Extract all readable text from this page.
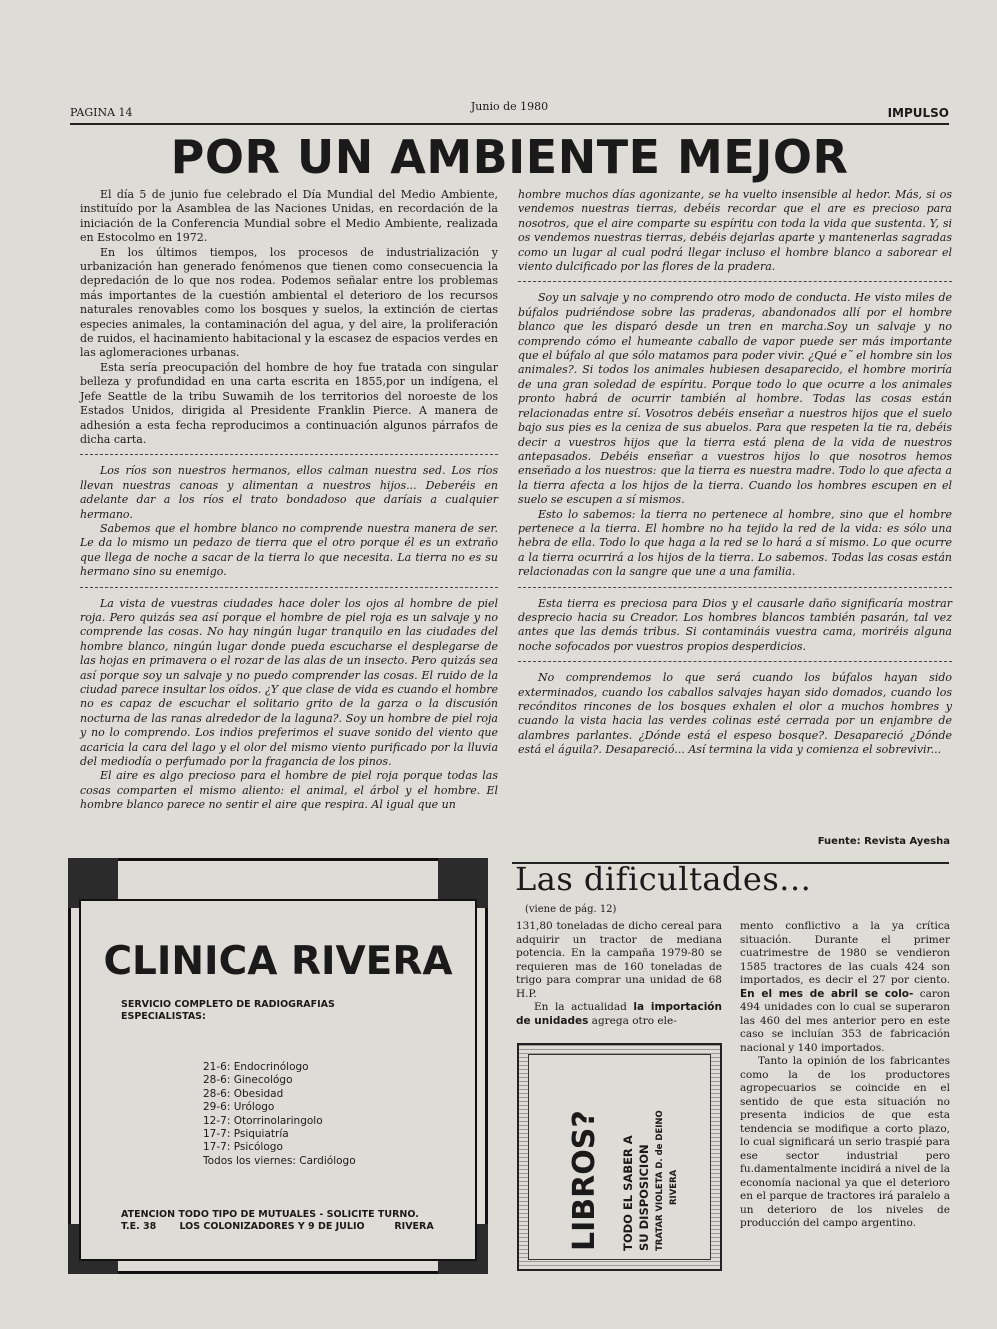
PAGINA 14	Junio de 1980	IMPULSO
POR UN AMBIENTE MEJOR

El día 5 de junio fue celebrado el Día Mundial del Medio Ambiente, instituído por la Asamblea de las Naciones Unidas, en recordación de la iniciación de la Conferencia Mundial sobre el Medio Ambiente, realizada en Estocolmo en 1972.

En los últimos tiempos, los procesos de industrialización y urbanización han generado fenómenos que tienen como consecuencia la depredación de lo que nos rodea. Podemos señalar entre los problemas más importantes de la cuestión ambiental el deterioro de los recursos naturales renovables como los bosques y suelos, la extinción de ciertas especies animales, la contaminación del agua, y del aire, la proliferación de ruidos, el hacinamiento habitacional y la escasez de espacios verdes en las aglomeraciones urbanas.

Esta sería preocupación del hombre de hoy fue tratada con singular belleza y profundidad en una carta escrita en 1855,por un indígena, el Jefe Seattle de la tribu Suwamih de los territorios del noroeste de los Estados Unidos, dirigida al Presidente Franklin Pierce. A manera de adhesión a esta fecha reproducimos a continuación algunos párrafos de dicha carta.

Los ríos son nuestros hermanos, ellos calman nuestra sed. Los ríos llevan nuestras canoas y alimentan a nuestros hijos... Deberéis en adelante dar a los ríos el trato bondadoso que daríais a cualquier hermano.

Sabemos que el hombre blanco no comprende nuestra manera de ser. Le da lo mismo un pedazo de tierra que el otro porque él es un extraño que llega de noche a sacar de la tierra lo que necesita. La tierra no es su hermano sino su enemigo.

La vista de vuestras ciudades hace doler los ojos al hombre de piel roja. Pero quizás sea así porque el hombre de piel roja es un salvaje y no comprende las cosas. No hay ningún lugar tranquilo en las ciudades del hombre blanco, ningún lugar donde pueda escucharse el desplegarse de las hojas en primavera o el rozar de las alas de un insecto. Pero quizás sea así porque soy un salvaje y no puedo comprender las cosas. El ruido de la ciudad parece insultar los oídos. ¿Y que clase de vida es cuando el hombre no es capaz de escuchar el solitario grito de la garza o la discusión nocturna de las ranas alrededor de la laguna?. Soy un hombre de piel roja y no lo comprendo. Los indios preferimos el suave sonido del viento que acaricia la cara del lago y el olor del mismo viento purificado por la lluvia del mediodía o perfumado por la fragancia de los pinos.

El aire es algo precioso para el hombre de piel roja porque todas las cosas comparten el mismo aliento: el animal, el árbol y el hombre. El hombre blanco parece no sentir el aire que respira. Al igual que un

hombre muchos días agonizante, se ha vuelto insensible al hedor. Más, si os vendemos nuestras tierras, debéis recordar que el are es precioso para nosotros, que el aire comparte su espíritu con toda la vida que sustenta. Y, si os vendemos nuestras tierras, debéis dejarlas aparte y mantenerlas sagradas como un lugar al cual podrá llegar incluso el hombre blanco a saborear el viento dulcificado por las flores de la pradera.

Soy un salvaje y no comprendo otro modo de conducta. He visto miles de búfalos pudriéndose sobre las praderas, abandonados allí por el hombre blanco que les disparó desde un tren en marcha.Soy un salvaje y no comprendo cómo el humeante caballo de vapor puede ser más importante que el búfalo al que sólo matamos para poder vivir. ¿Qué e˜ el hombre sin los animales?. Si todos los animales hubiesen desaparecido, el hombre moriría de una gran soledad de espíritu. Porque todo lo que ocurre a los animales pronto habrá de ocurrir también al hombre. Todas las cosas están relacionadas entre sí. Vosotros debéis enseñar a nuestros hijos que el suelo bajo sus pies es la ceniza de sus abuelos. Para que respeten la tie ra, debéis decir a vuestros hijos que la tierra está plena de la vida de nuestros antepasados. Debéis enseñar a vuestros hijos lo que nosotros hemos enseñado a los nuestros: que la tierra es nuestra madre. Todo lo que afecta a la tierra afecta a los hijos de la tierra. Cuando los hombres escupen en el suelo se escupen a sí mismos.

Esto lo sabemos: la tierra no pertenece al hombre, sino que el hombre pertenece a la tierra. El hombre no ha tejido la red de la vida: es sólo una hebra de ella. Todo lo que haga a la red se lo hará a sí mismo. Lo que ocurre a la tierra ocurrirá a los hijos de la tierra. Lo sabemos. Todas las cosas están relacionadas con la sangre que une a una familia.

Esta tierra es preciosa para Dios y el causarle daño significaría mostrar desprecio hacia su Creador. Los hombres blancos también pasarán, tal vez antes que las demás tribus. Si contamináis vuestra cama, moriréis alguna noche sofocados por vuestros propios desperdicios.

No comprendemos lo que será cuando los búfalos hayan sido exterminados, cuando los caballos salvajes hayan sido domados, cuando los recónditos rincones de los bosques exhalen el olor a muchos hombres y cuando la vista hacia las verdes colinas esté cerrada por un enjambre de alambres parlantes. ¿Dónde está el espeso bosque?. Desapareció ¿Dónde está el águila?. Desapareció... Así termina la vida y comienza el sobrevivir...

Fuente: Revista Ayesha
CLINICA RIVERA
SERVICIO COMPLETO DE RADIOGRAFIAS
ESPECIALISTAS:
21-6: Endocrinólogo
28-6: Ginecológo
28-6: Obesidad
29-6: Urólogo
12-7: Otorrinolaringolo
17-7: Psiquiatría
17-7: Psicólogo
Todos los viernes: Cardiólogo
ATENCION TODO TIPO DE MUTUALES - SOLICITE TURNO.
T.E. 38 LOS COLONIZADORES Y 9 DE JULIO	RIVERA
Las dificultades...
(viene de pág. 12)

131,80 toneladas de dicho cereal para adquirir un tractor de mediana potencia. En la campaña 1979-80 se requieren mas de 160 toneladas de trigo para comprar una unidad de 68 H.P.

En la actualidad la importación de unidades agrega otro ele-

mento conflictivo a la ya crítica situación. Durante el primer cuatrimestre de 1980 se vendieron 1585 tractores de las cuals 424 son importados, es decir el 27 por ciento. En el mes de abril se colo- caron 494 unidades con lo cual se superaron las 460 del mes anterior pero en este caso se incluían 353 de fabricación nacional y 140 importados.

Tanto la opinión de los fabricantes como la de los productores agropecuarios se coincide en el sentido de que esta situación no presenta indicios de que esta tendencia se modifique a corto plazo, lo cual significará un serio traspié para ese sector industrial pero fu.damentalmente incidirá a nivel de la economía nacional ya que el deterioro en el parque de tractores irá paralelo a un deterioro de los niveles de producción del campo argentino.

LIBROS? TODO EL SABER A SU DISPOSICION TRATAR VIOLETA D. de DEINO RIVERA
